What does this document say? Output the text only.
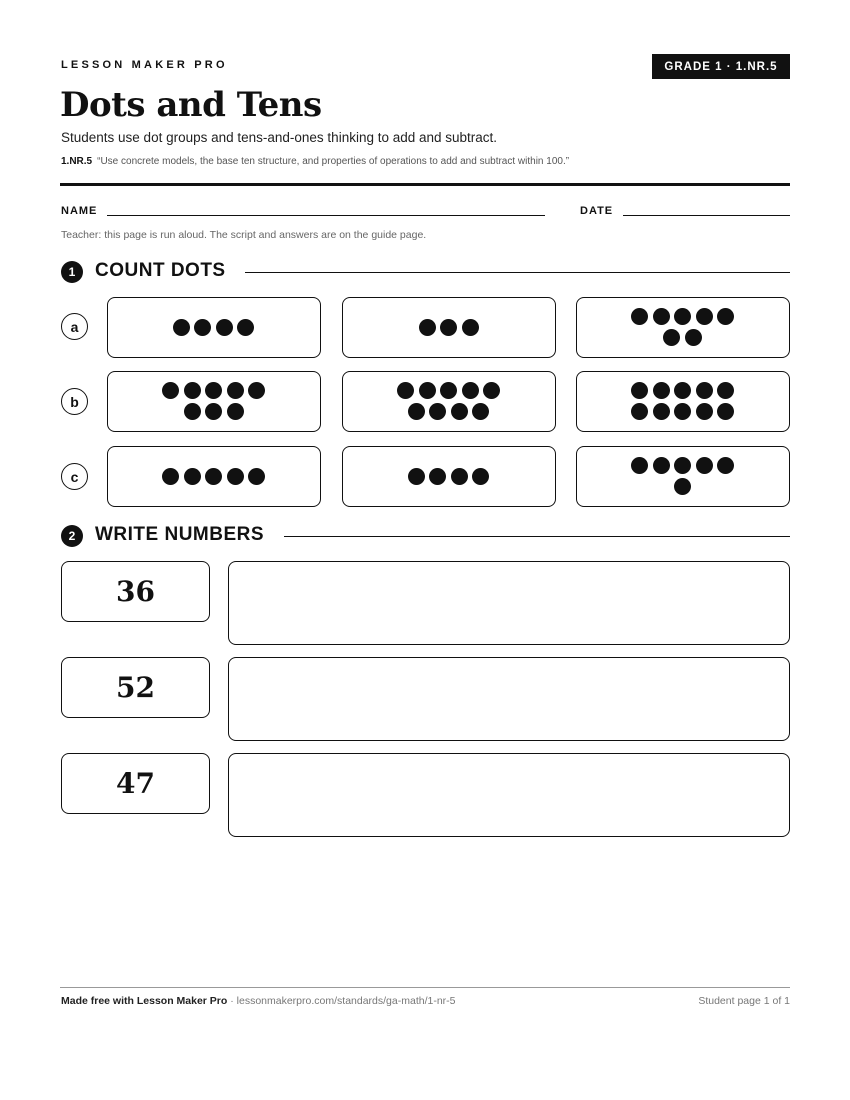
LESSON MAKER PRO	GRADE 1 · 1.NR.5
Dots and Tens
Students use dot groups and tens-and-ones thinking to add and subtract.
1.NR.5 “Use concrete models, the base ten structure, and properties of operations to add and subtract within 100.”
NAME	DATE
Teacher: this page is run aloud. The script and answers are on the guide page.
1	COUNT DOTS
a
b
c
2	WRITE NUMBERS
36
52
47
Made free with Lesson Maker Pro · lessonmakerpro.com/standards/ga-math/1-nr-5	Student page 1 of 1
